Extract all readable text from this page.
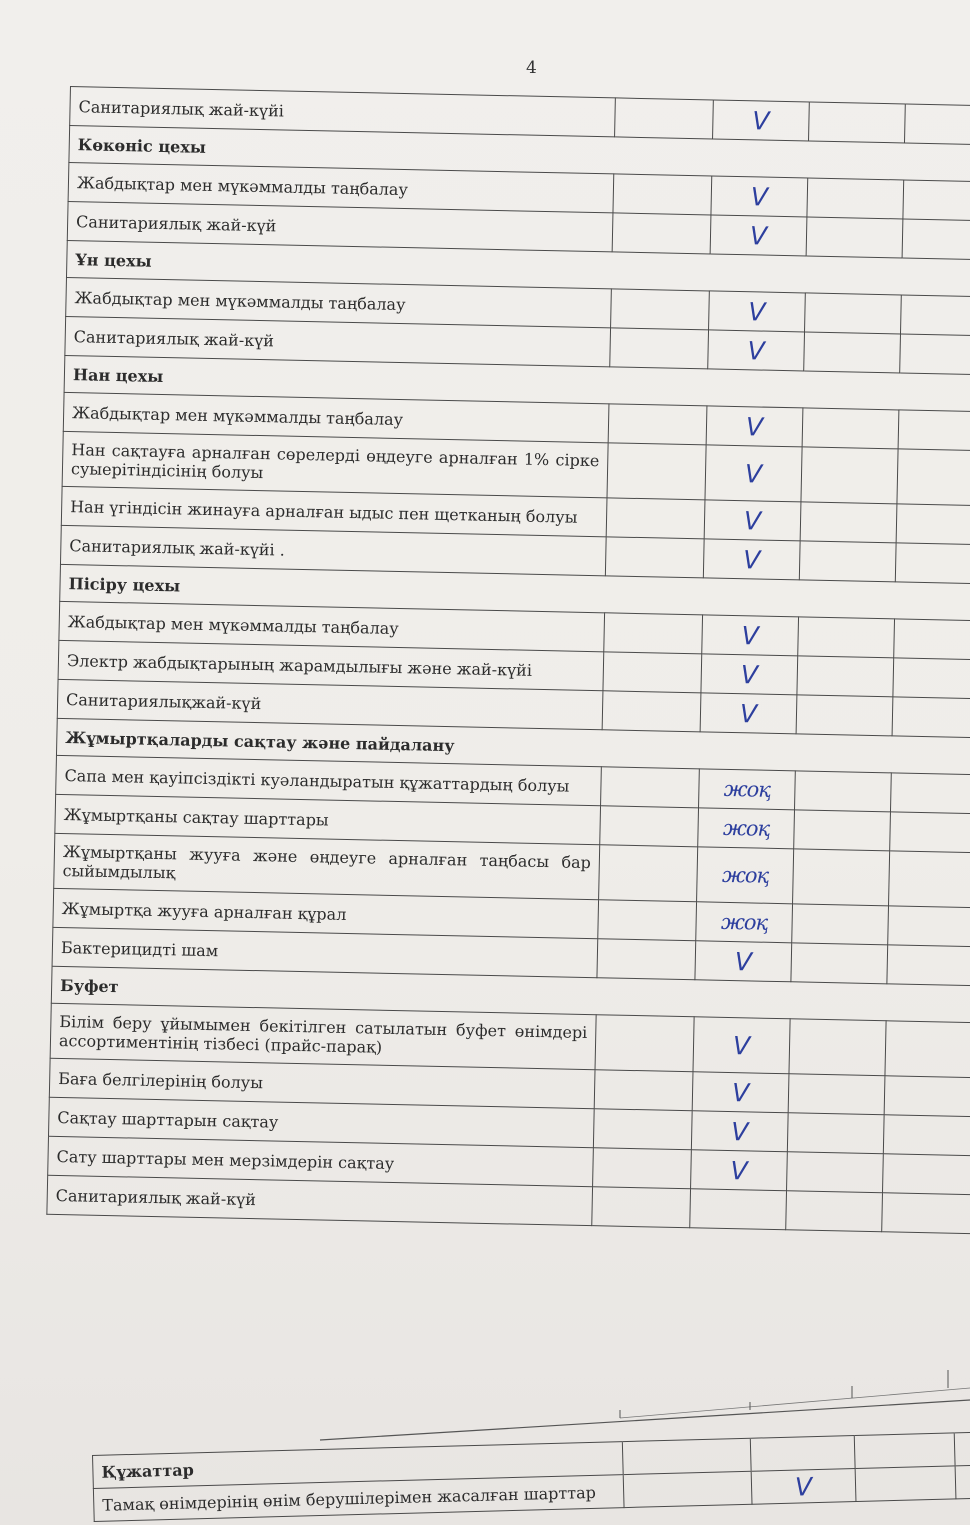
4
Санитариялық жай-күйі		V		
Көкөніс цехы				
Жабдықтар мен мүкәммалды таңбалау		V		
Санитариялық жай-күй		V		
Ұн цехы				
Жабдықтар мен мүкәммалды таңбалау		V		
Санитариялық жай-күй		V		
Нан цехы				
Жабдықтар мен мүкәммалды таңбалау		V		
Нан сақтауға арналған сөрелерді өңдеуге арналған 1% сірке суыерітіндісінің болуы		V		
Нан үгіндісін жинауға арналған ыдыс пен щетканың болуы		V		
Санитариялық жай-күйі .		V		
Пісіру цехы				
Жабдықтар мен мүкәммалды таңбалау		V		
Электр жабдықтарының жарамдылығы және жай-күйі		V		
Санитариялықжай-күй		V		
Жұмыртқаларды сақтау және пайдалану				
Сапа мен қауіпсіздікті куәландыратын құжаттардың болуы		жоқ		
Жұмыртқаны сақтау шарттары		жоқ		
Жұмыртқаны жууға және өңдеуге арналған таңбасы бар сыйымдылық		жоқ		
Жұмыртқа жууға арналған құрал		жоқ		
Бактерицидті шам		V		
Буфет				
Білім беру ұйымымен бекітілген сатылатын буфет өнімдері ассортиментінің тізбесі (прайс-парақ)		V		
Баға белгілерінің болуы		V		
Сақтау шарттарын сақтау		V		
Сату шарттары мен мерзімдерін сақтау		V		
Санитариялық жай-күй				
Құжаттар				
Тамақ өнімдерінің өнім берушілерімен жасалған шарттар		V		
